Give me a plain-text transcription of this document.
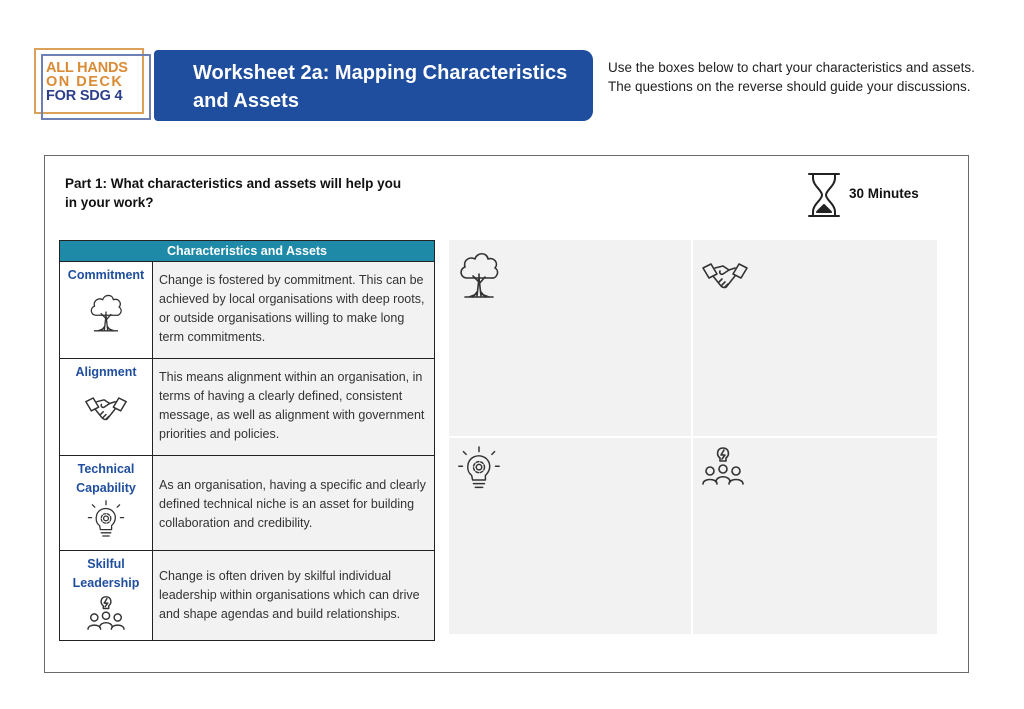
ALL HANDS
ON DECK
FOR SDG 4
Worksheet 2a: Mapping Characteristics and Assets
Use the boxes below to chart your characteristics and assets. The questions on the reverse should guide your discussions.
Part 1: What characteristics and assets will help you in your work?
30 Minutes
Characteristics and Assets	

Commitment	Change is fostered by commitment. This can be achieved by local organisations with deep roots, or outside organisations willing to make long term commitments.

Alignment	This means alignment within an organisation, in terms of having a clearly defined, consistent message, as well as alignment with government priorities and policies.

Technical Capability	As an organisation, having a specific and clearly defined technical niche is an asset for building collaboration and credibility.

Skilful Leadership	Change is often driven by skilful individual leadership within organisations which can drive and shape agendas and build relationships.
